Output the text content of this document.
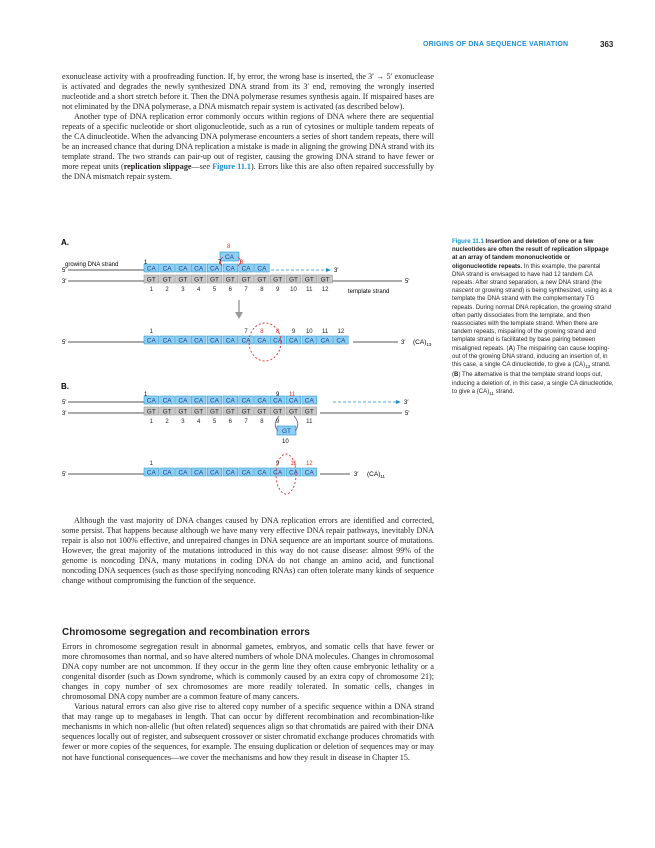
ORIGINS OF DNA SEQUENCE VARIATION	363

exonuclease activity with a proofreading function. If, by error, the wrong base is inserted, the 3′ → 5′ exonuclease is activated and degrades the newly synthesized DNA strand from its 3′ end, removing the wrongly inserted nucleotide and a short stretch before it. Then the DNA polymerase resumes synthesis again. If mispaired bases are not eliminated by the DNA polymerase, a DNA mismatch repair system is activated (as described below).

Another type of DNA replication error commonly occurs within regions of DNA where there are sequential repeats of a specific nucleotide or short oligonucleotide, such as a run of cytosines or multiple tandem repeats of the CA dinucleotide. When the advancing DNA polymerase encounters a series of short tandem repeats, there will be an increased chance that during DNA replication a mistake is made in aligning the growing DNA strand with its template strand. The two strands can pair-up out of register, causing the growing DNA strand to have fewer or more repeat units (replication slippage—see Figure 11.1). Errors like this are also often repaired successfully by the DNA mismatch repair system.

A.
growing DNA strand
5′
3′
3′
5′
template strand
CA CA CA CA CA CA CA CA
GT GT GT GT GT GT GT GT GT GT GT GT
CA
1	7	8
8
1 2 3 4 5 6 7 8 9 10 11 12
5′	CA CA CA CA CA CA CA CA CA CA CA CA CA	3′ $(CA)_{13}$
1	7 8 8 9 10 11 12
B.
5′
3′
3′
5′
CA CA CA CA CA CA CA CA CA CA CA
GT GT GT GT GT GT GT GT GT GT GT
GT
1	9 11
1 2 3 4 5 6 7 8 9	11
10
5′	CA CA CA CA CA CA CA CA CA CA CA	3′ $(CA)_{11}$
1	9 11 12
Figure 11.1 Insertion and deletion of one or a few nucleotides are often the result of replication slippage at an array of tandem mononucleotide or oligonucleotide repeats. In this example, the parental DNA strand is envisaged to have had 12 tandem CA repeats. After strand separation, a new DNA strand (the nascent or growing strand) is being synthesized, using as a template the DNA strand with the complementary TG repeats. During normal DNA replication, the growing strand often partly dissociates from the template, and then reassociates with the template strand. When there are tandem repeats, mispairing of the growing strand and template strand is facilitated by base pairing between misaligned repeats. (A) The mispairing can cause looping-out of the growing DNA strand, inducing an insertion of, in this case, a single CA dinucleotide, to give a $(CA)_{13}$ strand. (B) The alternative is that the template strand loops out, inducing a deletion of, in this case, a single CA dinucleotide, to give a $(CA)_{11}$ strand.

Although the vast majority of DNA changes caused by DNA replication errors are identified and corrected, some persist. That happens because although we have many very effective DNA repair pathways, inevitably DNA repair is also not 100% effective, and unrepaired changes in DNA sequence are an important source of mutations. However, the great majority of the mutations introduced in this way do not cause disease: almost 99% of the genome is noncoding DNA, many mutations in coding DNA do not change an amino acid, and functional noncoding DNA sequences (such as those specifying noncoding RNAs) can often tolerate many kinds of sequence change without compromising the function of the sequence.

Chromosome segregation and recombination errors

Errors in chromosome segregation result in abnormal gametes, embryos, and somatic cells that have fewer or more chromosomes than normal, and so have altered numbers of whole DNA molecules. Changes in chromosomal DNA copy number are not uncommon. If they occur in the germ line they often cause embryonic lethality or a congenital disorder (such as Down syndrome, which is commonly caused by an extra copy of chromosome 21); changes in copy number of sex chromosomes are more readily tolerated. In somatic cells, changes in chromosomal DNA copy number are a common feature of many cancers.

Various natural errors can also give rise to altered copy number of a specific sequence within a DNA strand that may range up to megabases in length. That can occur by different recombination and recombination-like mechanisms in which non-allelic (but often related) sequences align so that chromatids are paired with their DNA sequences locally out of register, and subsequent crossover or sister chromatid exchange produces chromatids with fewer or more copies of the sequences, for example. The ensuing duplication or deletion of sequences may or may not have functional consequences—we cover the mechanisms and how they result in disease in Chapter 15.
